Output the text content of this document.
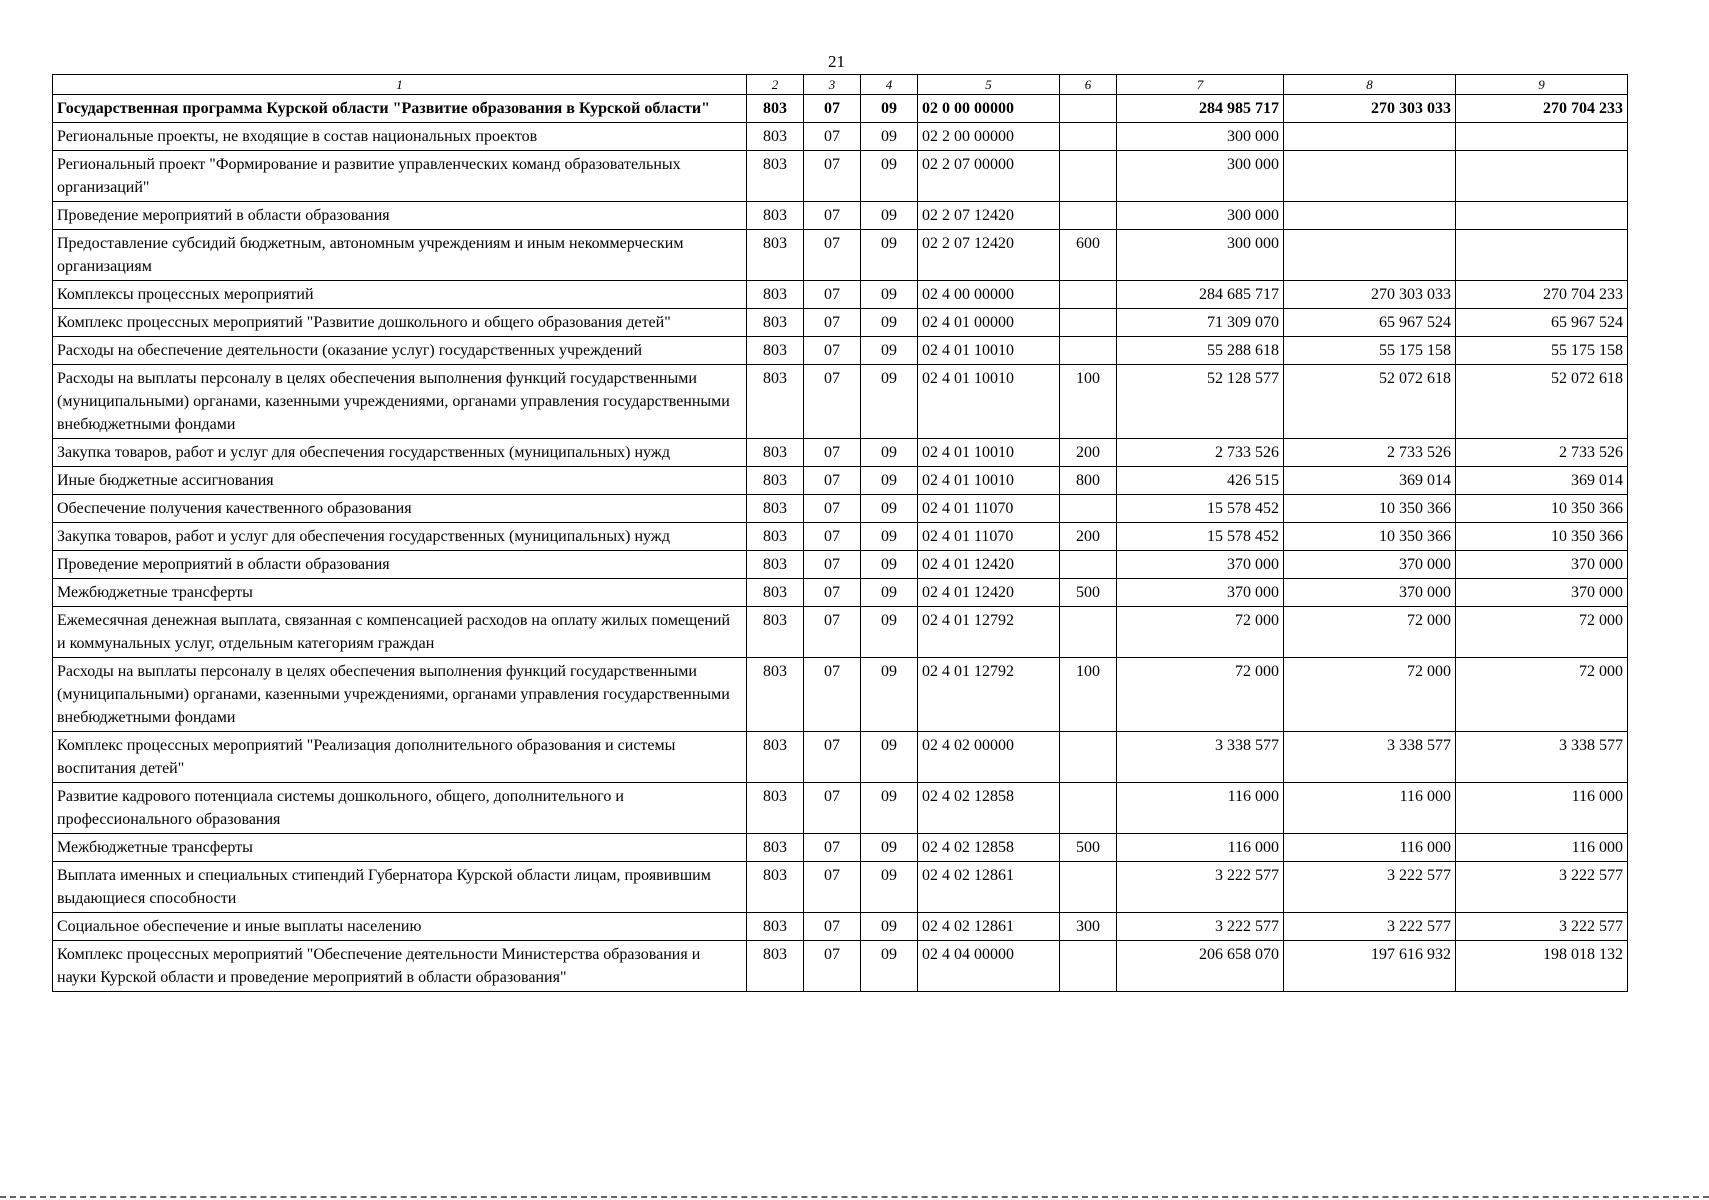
21
1	2	3	4	5	6	7	8	9
Государственная программа Курской области "Развитие образования в Курской области"	803	07	09	02 0 00 00000		284 985 717	270 303 033	270 704 233
Региональные проекты, не входящие в состав национальных проектов	803	07	09	02 2 00 00000		300 000		
Региональный проект "Формирование и развитие управленческих команд образовательных организаций"	803	07	09	02 2 07 00000		300 000		
Проведение мероприятий в области образования	803	07	09	02 2 07 12420		300 000		
Предоставление субсидий бюджетным, автономным учреждениям и иным некоммерческим организациям	803	07	09	02 2 07 12420	600	300 000		
Комплексы процессных мероприятий	803	07	09	02 4 00 00000		284 685 717	270 303 033	270 704 233
Комплекс процессных мероприятий "Развитие дошкольного и общего образования детей"	803	07	09	02 4 01 00000		71 309 070	65 967 524	65 967 524
Расходы на обеспечение деятельности (оказание услуг) государственных учреждений	803	07	09	02 4 01 10010		55 288 618	55 175 158	55 175 158
Расходы на выплаты персоналу в целях обеспечения выполнения функций государственными (муниципальными) органами, казенными учреждениями, органами управления государственными внебюджетными фондами	803	07	09	02 4 01 10010	100	52 128 577	52 072 618	52 072 618
Закупка товаров, работ и услуг для обеспечения государственных (муниципальных) нужд	803	07	09	02 4 01 10010	200	2 733 526	2 733 526	2 733 526
Иные бюджетные ассигнования	803	07	09	02 4 01 10010	800	426 515	369 014	369 014
Обеспечение получения качественного образования	803	07	09	02 4 01 11070		15 578 452	10 350 366	10 350 366
Закупка товаров, работ и услуг для обеспечения государственных (муниципальных) нужд	803	07	09	02 4 01 11070	200	15 578 452	10 350 366	10 350 366
Проведение мероприятий в области образования	803	07	09	02 4 01 12420		370 000	370 000	370 000
Межбюджетные трансферты	803	07	09	02 4 01 12420	500	370 000	370 000	370 000
Ежемесячная денежная выплата, связанная с компенсацией расходов на оплату жилых помещений и коммунальных услуг, отдельным категориям граждан	803	07	09	02 4 01 12792		72 000	72 000	72 000
Расходы на выплаты персоналу в целях обеспечения выполнения функций государственными (муниципальными) органами, казенными учреждениями, органами управления государственными внебюджетными фондами	803	07	09	02 4 01 12792	100	72 000	72 000	72 000
Комплекс процессных мероприятий "Реализация дополнительного образования и системы воспитания детей"	803	07	09	02 4 02 00000		3 338 577	3 338 577	3 338 577
Развитие кадрового потенциала системы дошкольного, общего, дополнительного и профессионального образования	803	07	09	02 4 02 12858		116 000	116 000	116 000
Межбюджетные трансферты	803	07	09	02 4 02 12858	500	116 000	116 000	116 000
Выплата именных и специальных стипендий Губернатора Курской области лицам, проявившим выдающиеся способности	803	07	09	02 4 02 12861		3 222 577	3 222 577	3 222 577
Социальное обеспечение и иные выплаты населению	803	07	09	02 4 02 12861	300	3 222 577	3 222 577	3 222 577
Комплекс процессных мероприятий "Обеспечение деятельности Министерства образования и науки Курской области и проведение мероприятий в области образования"	803	07	09	02 4 04 00000		206 658 070	197 616 932	198 018 132
